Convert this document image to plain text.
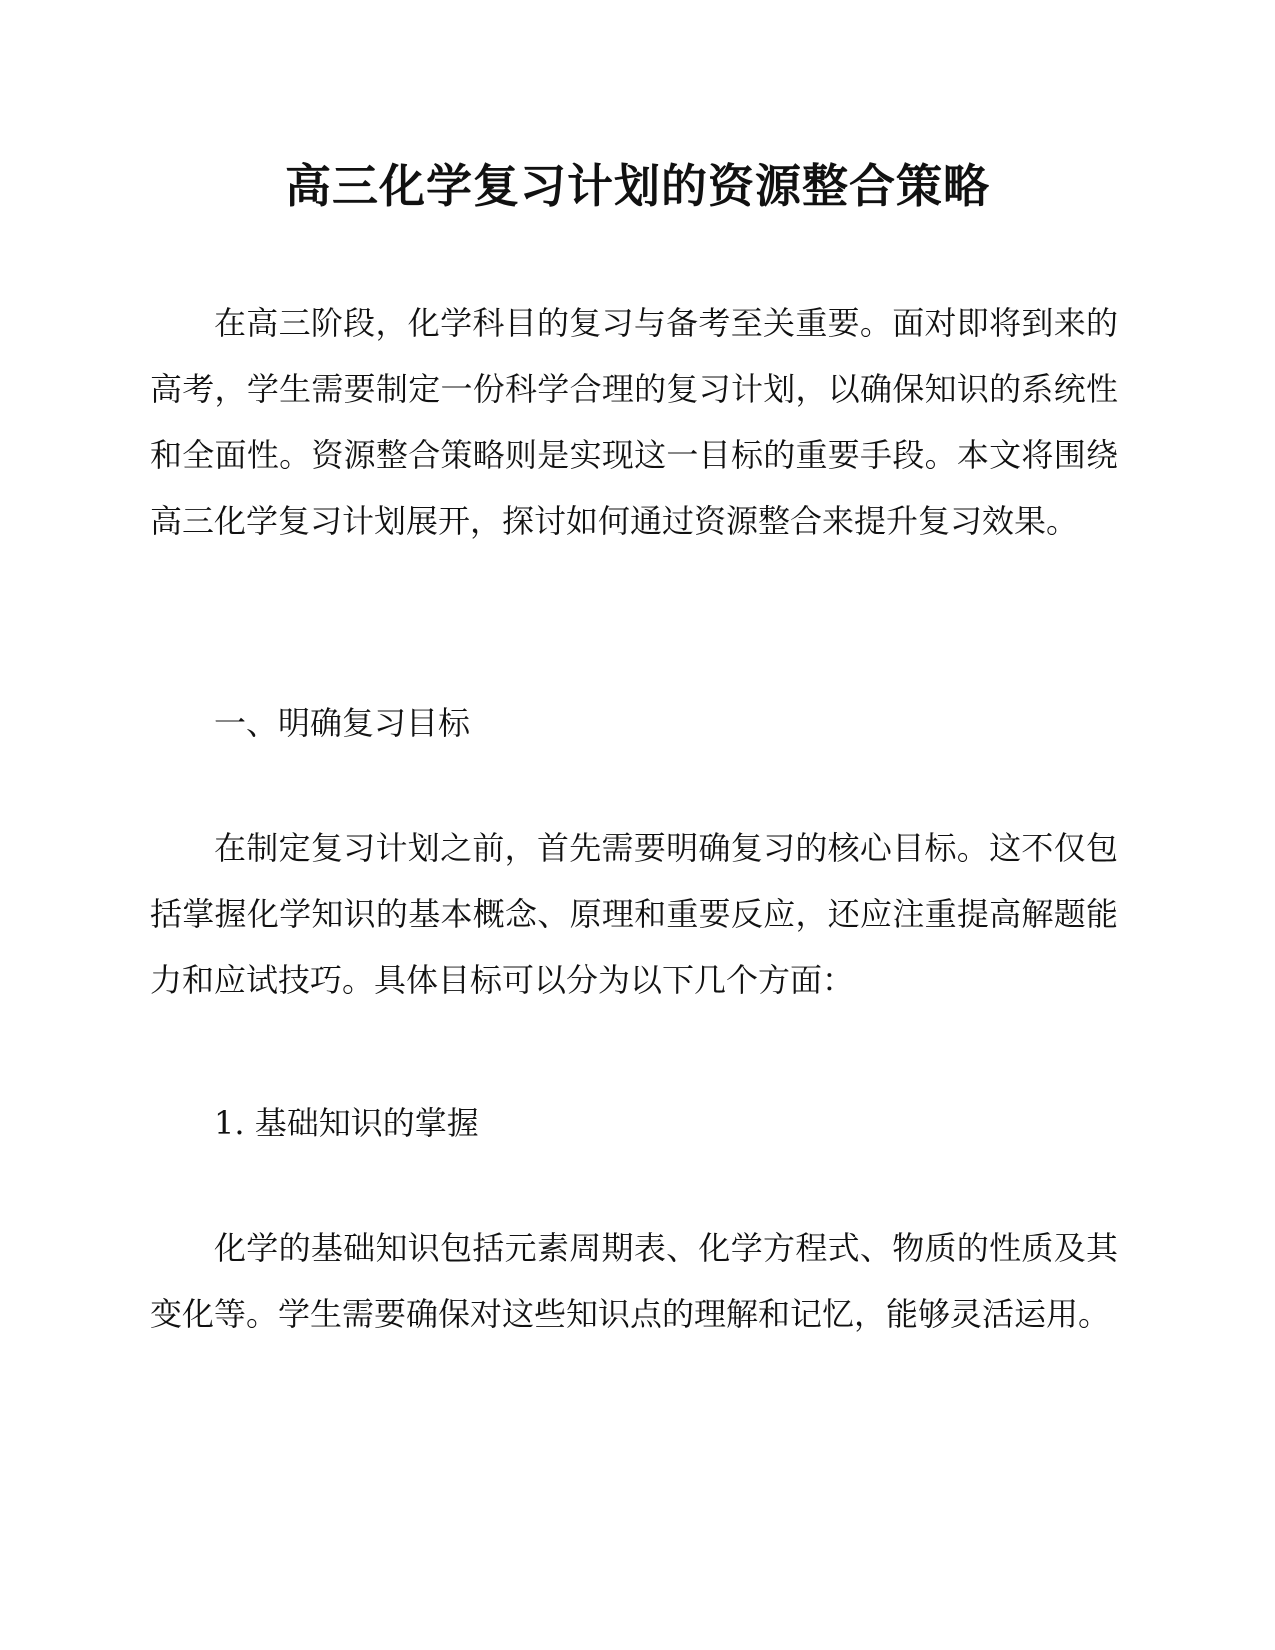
高三化学复习计划的资源整合策略

在高三阶段，化学科目的复习与备考至关重要。面对即将到来的高考，学生需要制定一份科学合理的复习计划，以确保知识的系统性和全面性。资源整合策略则是实现这一目标的重要手段。本文将围绕高三化学复习计划展开，探讨如何通过资源整合来提升复习效果。

一、明确复习目标

在制定复习计划之前，首先需要明确复习的核心目标。这不仅包括掌握化学知识的基本概念、原理和重要反应，还应注重提高解题能力和应试技巧。具体目标可以分为以下几个方面：

1. 基础知识的掌握

化学的基础知识包括元素周期表、化学方程式、物质的性质及其变化等。学生需要确保对这些知识点的理解和记忆，能够灵活运用。
